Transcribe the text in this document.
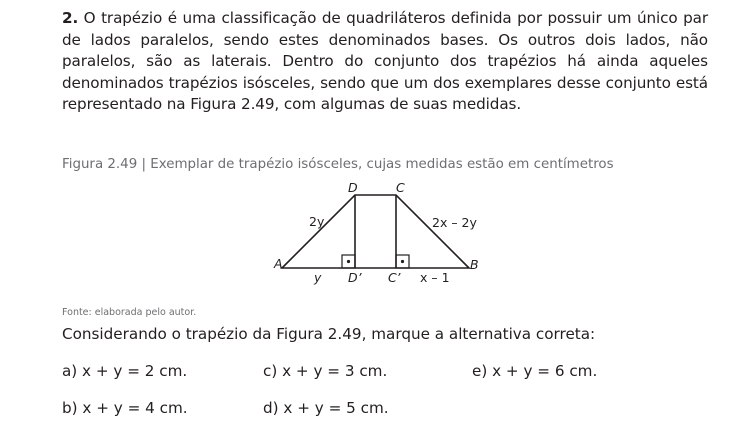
2. O trapézio é uma classificação de quadriláteros definida por possuir um único par de lados paralelos, sendo estes denominados bases. Os outros dois lados, não paralelos, são as laterais. Dentro do conjunto dos trapézios há ainda aqueles denominados trapézios isósceles, sendo que um dos exemplares desse conjunto está representado na Figura 2.49, com algumas de suas medidas.
Figura 2.49 | Exemplar de trapézio isósceles, cujas medidas estão em centímetros
D	C
A	B
2y	2x – 2y
y D’ C’ x – 1
Fonte: elaborada pelo autor.
Considerando o trapézio da Figura 2.49, marque a alternativa correta:
a) x + y = 2 cm.	c) x + y = 3 cm.	e) x + y = 6 cm.
b) x + y = 4 cm.	d) x + y = 5 cm.
